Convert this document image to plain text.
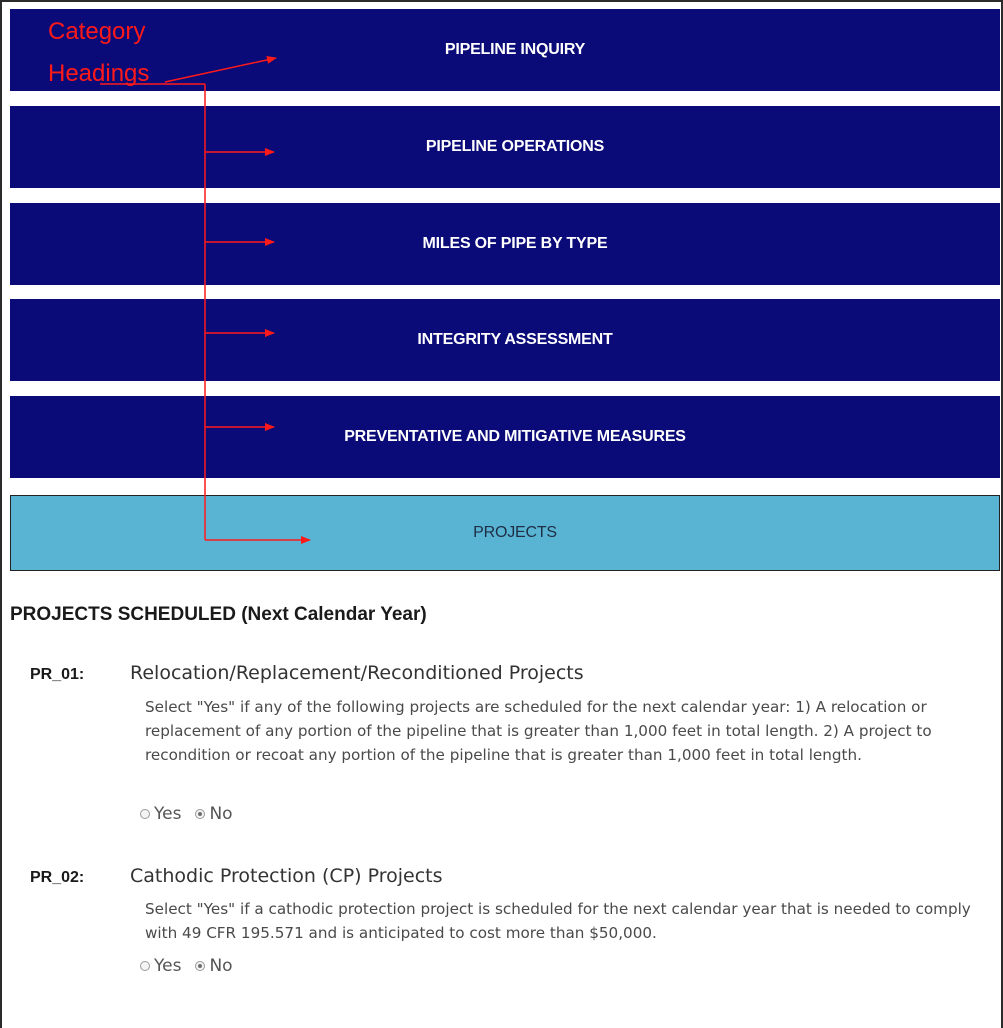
PIPELINE INQUIRY
PIPELINE OPERATIONS
MILES OF PIPE BY TYPE
INTEGRITY ASSESSMENT
PREVENTATIVE AND MITIGATIVE MEASURES
PROJECTS
Category
Headings
PROJECTS SCHEDULED (Next Calendar Year)
PR_01: Relocation/Replacement/Reconditioned Projects
Select "Yes" if any of the following projects are scheduled for the next calendar year: 1) A relocation or replacement of any portion of the pipeline that is greater than 1,000 feet in total length. 2) A project to recondition or recoat any portion of the pipeline that is greater than 1,000 feet in total length.
Yes No
PR_02: Cathodic Protection (CP) Projects
Select "Yes" if a cathodic protection project is scheduled for the next calendar year that is needed to comply with 49 CFR 195.571 and is anticipated to cost more than $50,000.
Yes No
